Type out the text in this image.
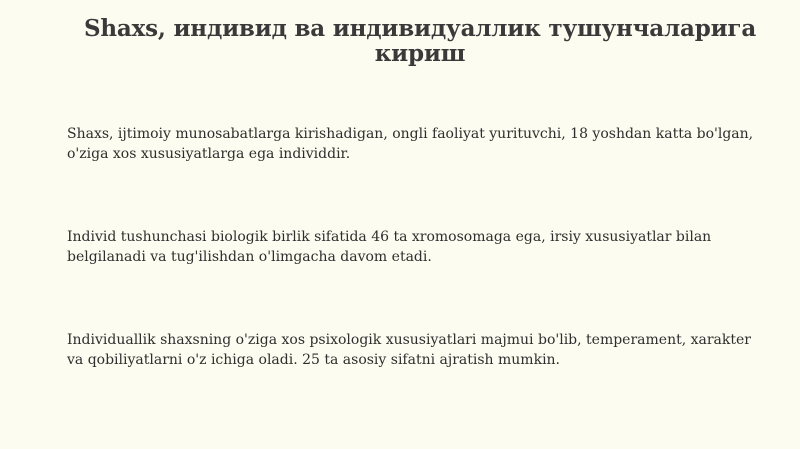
Shaxs, индивид ва индивидуаллик тушунчаларига кириш

Shaxs, ijtimoiy munosabatlarga kirishadigan, ongli faoliyat yurituvchi, 18 yoshdan katta bo'lgan, o'ziga xos xususiyatlarga ega individdir.

Individ tushunchasi biologik birlik sifatida 46 ta xromosomaga ega, irsiy xususiyatlar bilan belgilanadi va tug'ilishdan o'limgacha davom etadi.

Individuallik shaxsning o'ziga xos psixologik xususiyatlari majmui bo'lib, temperament, xarakter va qobiliyatlarni o'z ichiga oladi. 25 ta asosiy sifatni ajratish mumkin.
